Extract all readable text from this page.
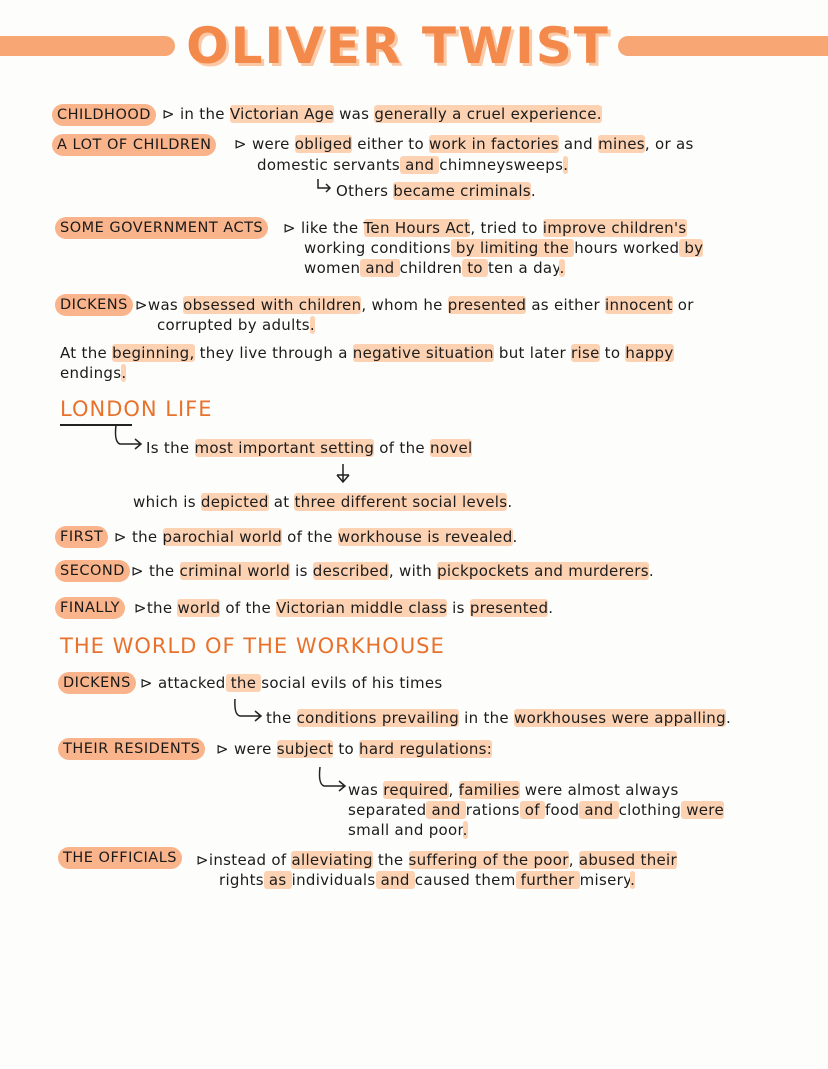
OLIVER TWIST
CHILDHOOD ⊳ in the Victorian Age was generally a cruel experience.
A LOT OF CHILDREN	⊳ were obliged either to work in factories and mines, or as
domestic servants and chimneysweeps.
Others became criminals.
SOME GOVERNMENT ACTS	⊳ like the Ten Hours Act, tried to improve children's
working conditions by limiting the hours worked by
women and children to ten a day.
DICKENS ⊳was obsessed with children, whom he presented as either innocent or
corrupted by adults.
At the beginning, they live through a negative situation but later rise to happy
endings.
LONDON LIFE
Is the most important setting of the novel
which is depicted at three different social levels.
FIRST ⊳ the parochial world of the workhouse is revealed.
SECOND ⊳ the criminal world is described, with pickpockets and murderers.
FINALLY ⊳the world of the Victorian middle class is presented.
THE WORLD OF THE WORKHOUSE
DICKENS ⊳ attacked the social evils of his times
the conditions prevailing in the workhouses were appalling.
THEIR RESIDENTS	⊳ were subject to hard regulations:
was required, families were almost always
separated and rations of food and clothing were
small and poor.
THE OFFICIALS	⊳instead of alleviating the suffering of the poor, abused their
rights as individuals and caused them further misery.
